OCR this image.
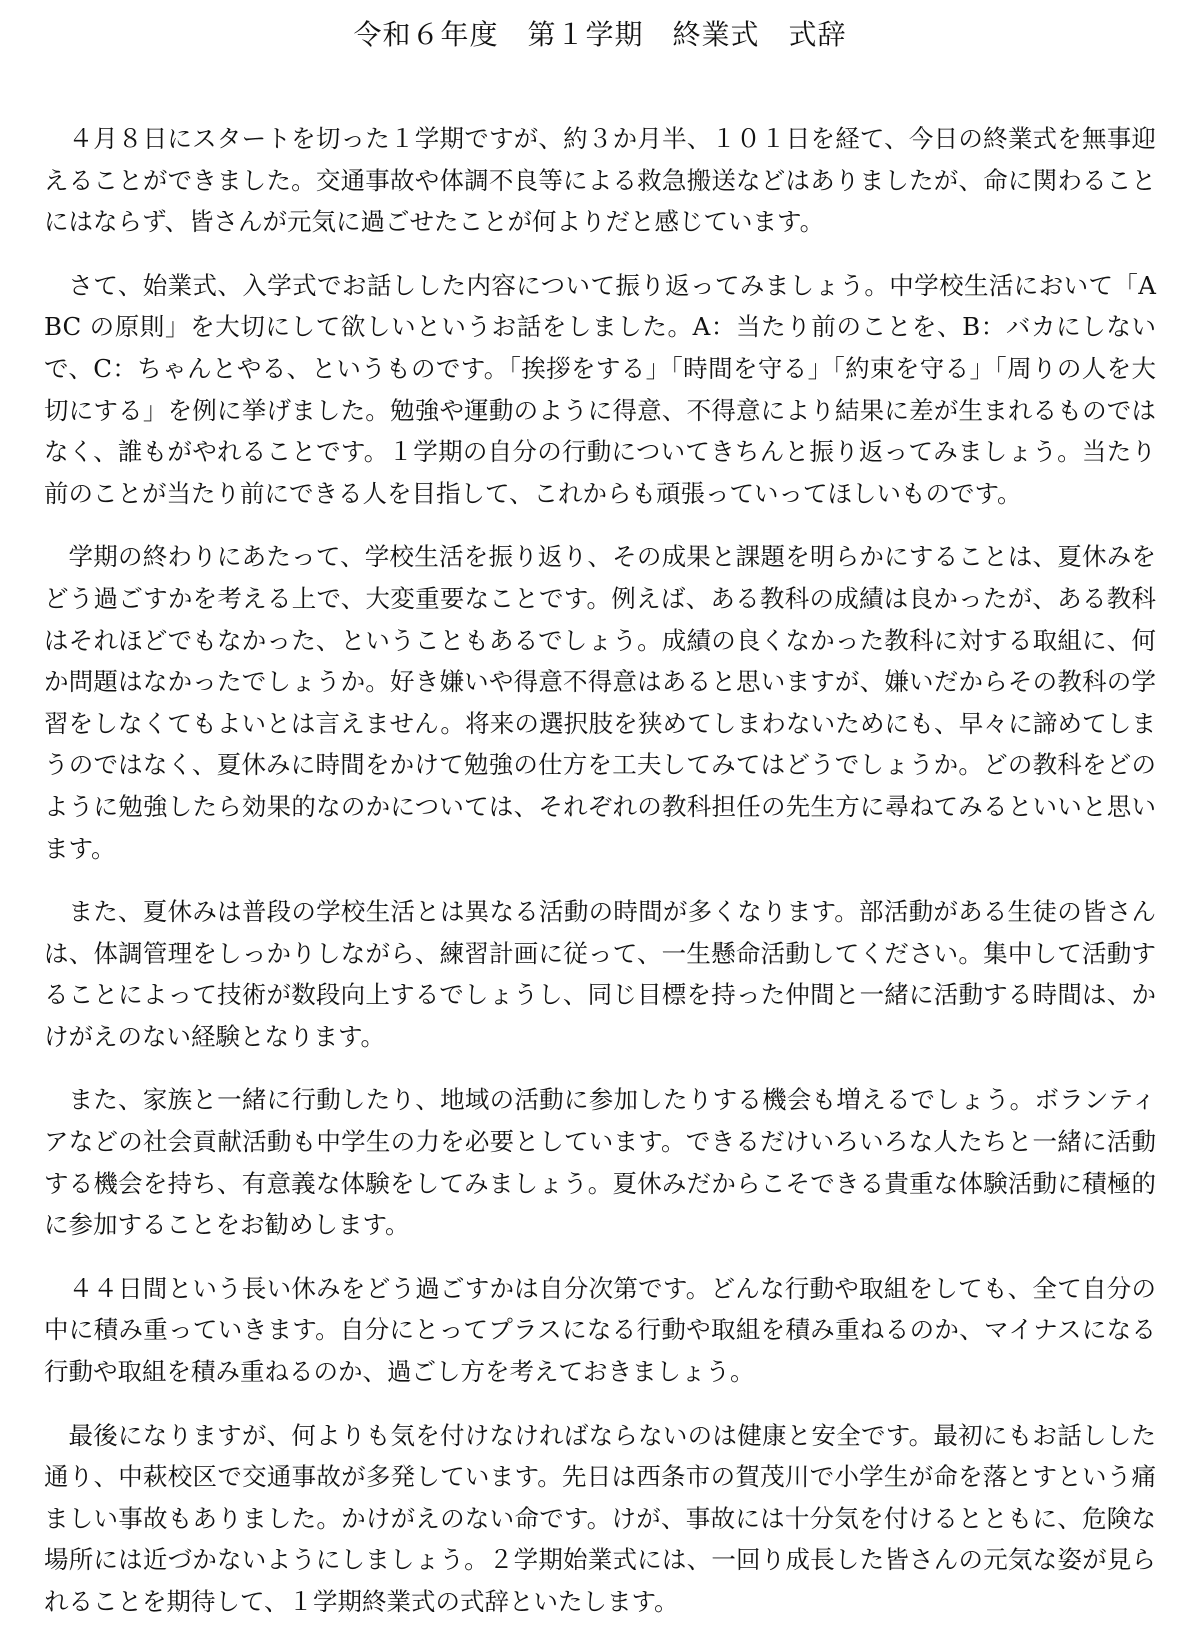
令和６年度　第１学期　終業式　式辞

４月８日にスタートを切った１学期ですが、約３か月半、１０１日を経て、今日の終業式を無事迎えることができました。交通事故や体調不良等による救急搬送などはありましたが、命に関わることにはならず、皆さんが元気に過ごせたことが何よりだと感じています。

さて、始業式、入学式でお話しした内容について振り返ってみましょう。中学校生活において「ABC の原則」を大切にして欲しいというお話をしました。A：当たり前のことを、B：バカにしないで、C：ちゃんとやる、というものです。「挨拶をする」「時間を守る」「約束を守る」「周りの人を大切にする」を例に挙げました。勉強や運動のように得意、不得意により結果に差が生まれるものではなく、誰もがやれることです。１学期の自分の行動についてきちんと振り返ってみましょう。当たり前のことが当たり前にできる人を目指して、これからも頑張っていってほしいものです。

学期の終わりにあたって、学校生活を振り返り、その成果と課題を明らかにすることは、夏休みをどう過ごすかを考える上で、大変重要なことです。例えば、ある教科の成績は良かったが、ある教科はそれほどでもなかった、ということもあるでしょう。成績の良くなかった教科に対する取組に、何か問題はなかったでしょうか。好き嫌いや得意不得意はあると思いますが、嫌いだからその教科の学習をしなくてもよいとは言えません。将来の選択肢を狭めてしまわないためにも、早々に諦めてしまうのではなく、夏休みに時間をかけて勉強の仕方を工夫してみてはどうでしょうか。どの教科をどのように勉強したら効果的なのかについては、それぞれの教科担任の先生方に尋ねてみるといいと思います。

また、夏休みは普段の学校生活とは異なる活動の時間が多くなります。部活動がある生徒の皆さんは、体調管理をしっかりしながら、練習計画に従って、一生懸命活動してください。集中して活動することによって技術が数段向上するでしょうし、同じ目標を持った仲間と一緒に活動する時間は、かけがえのない経験となります。

また、家族と一緒に行動したり、地域の活動に参加したりする機会も増えるでしょう。ボランティアなどの社会貢献活動も中学生の力を必要としています。できるだけいろいろな人たちと一緒に活動する機会を持ち、有意義な体験をしてみましょう。夏休みだからこそできる貴重な体験活動に積極的に参加することをお勧めします。

４４日間という長い休みをどう過ごすかは自分次第です。どんな行動や取組をしても、全て自分の中に積み重っていきます。自分にとってプラスになる行動や取組を積み重ねるのか、マイナスになる行動や取組を積み重ねるのか、過ごし方を考えておきましょう。

最後になりますが、何よりも気を付けなければならないのは健康と安全です。最初にもお話しした通り、中萩校区で交通事故が多発しています。先日は西条市の賀茂川で小学生が命を落とすという痛ましい事故もありました。かけがえのない命です。けが、事故には十分気を付けるとともに、危険な場所には近づかないようにしましょう。２学期始業式には、一回り成長した皆さんの元気な姿が見られることを期待して、１学期終業式の式辞といたします。
